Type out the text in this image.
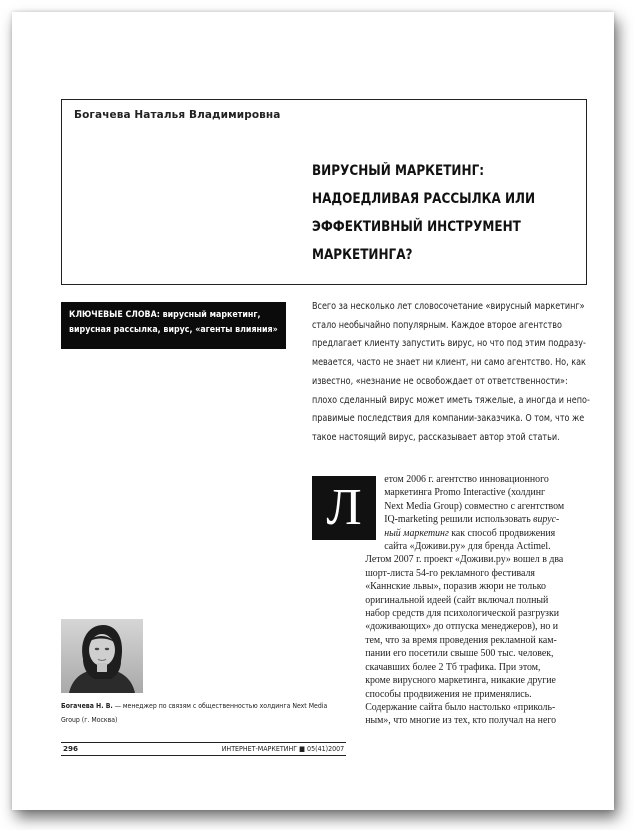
Богачева Наталья Владимировна
ВИРУСНЫЙ МАРКЕТИНГ:
НАДОЕДЛИВАЯ РАССЫЛКА ИЛИ
ЭФФЕКТИВНЫЙ ИНСТРУМЕНТ
МАРКЕТИНГА?
КЛЮЧЕВЫЕ СЛОВА: вирусный маркетинг,
вирусная рассылка, вирус, «агенты влияния»
Всего за несколько лет словосочетание «вирусный маркетинг»
стало необычайно популярным. Каждое второе агентство
предлагает клиенту запустить вирус, но что под этим подразу-
мевается, часто не знает ни клиент, ни само агентство. Но, как
известно, «незнание не освобождает от ответственности»:
плохо сделанный вирус может иметь тяжелые, а иногда и непо-
правимые последствия для компании-заказчика. О том, что же
такое настоящий вирус, рассказывает автор этой статьи.
Л	етом 2006 г. агентство инновационного
маркетинга Promo Interactive (холдинг
Next Media Group) совместно с агентством
IQ-marketing решили использовать вирус-
ный маркетинг как способ продвижения
сайта «Доживи.ру» для бренда Actimel.
Летом 2007 г. проект «Доживи.ру» вошел в два
шорт-листа 54-го рекламного фестиваля
«Каннские львы», поразив жюри не только
оригинальной идеей (сайт включал полный
набор средств для психологической разгрузки
«доживающих» до отпуска менеджеров), но и
тем, что за время проведения рекламной кам-
пании его посетили свыше 500 тыс. человек,
скачавших более 2 Тб трафика. При этом,
кроме вирусного маркетинга, никакие другие
способы продвижения не применялись.
Содержание сайта было настолько «приколь-
ным», что многие из тех, кто получал на него
Богачева Н. В. — менеджер по связям с общественностью холдинга Next Media
Group (г. Москва)
296	ИНТЕРНЕТ-МАРКЕТИНГ ■ 05(41)2007
